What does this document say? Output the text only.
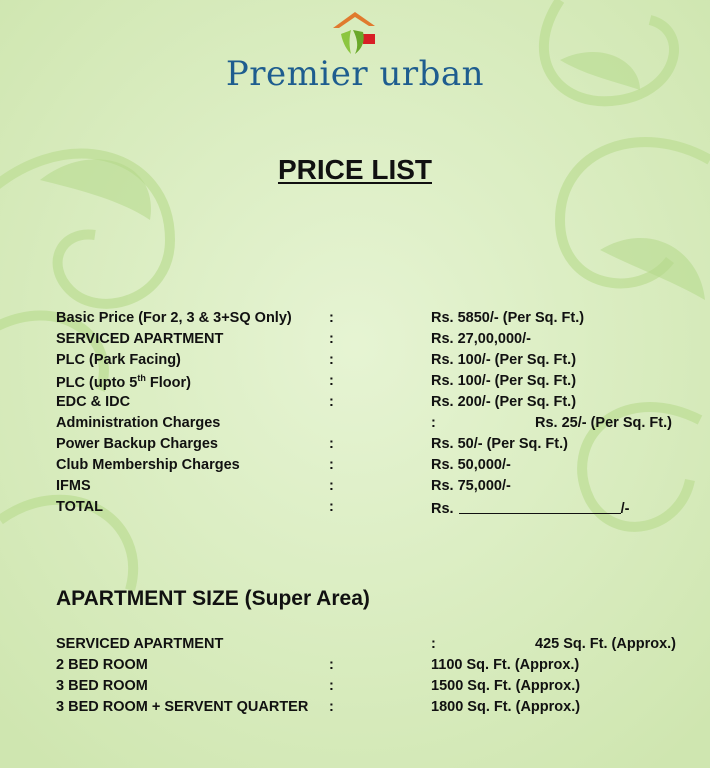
Premier urban
PRICE LIST
Basic Price (For 2, 3 & 3+SQ Only)	:	Rs. 5850/- (Per Sq. Ft.)
SERVICED APARTMENT	:	Rs. 27,00,000/-
PLC (Park Facing)	:	Rs. 100/- (Per Sq. Ft.)
PLC (upto 5th Floor)	:	Rs. 100/- (Per Sq. Ft.)
EDC & IDC	:	Rs. 200/- (Per Sq. Ft.)
Administration Charges	:	Rs. 25/- (Per Sq. Ft.)
Power Backup Charges	:	Rs. 50/- (Per Sq. Ft.)
Club Membership Charges	:	Rs. 50,000/-
IFMS	:	Rs. 75,000/-
TOTAL	:	Rs.	/-
APARTMENT SIZE (Super Area)
SERVICED APARTMENT	:	425 Sq. Ft. (Approx.)
2 BED ROOM	:	1100 Sq. Ft. (Approx.)
3 BED ROOM	:	1500 Sq. Ft. (Approx.)
3 BED ROOM + SERVENT QUARTER :	1800 Sq. Ft. (Approx.)
